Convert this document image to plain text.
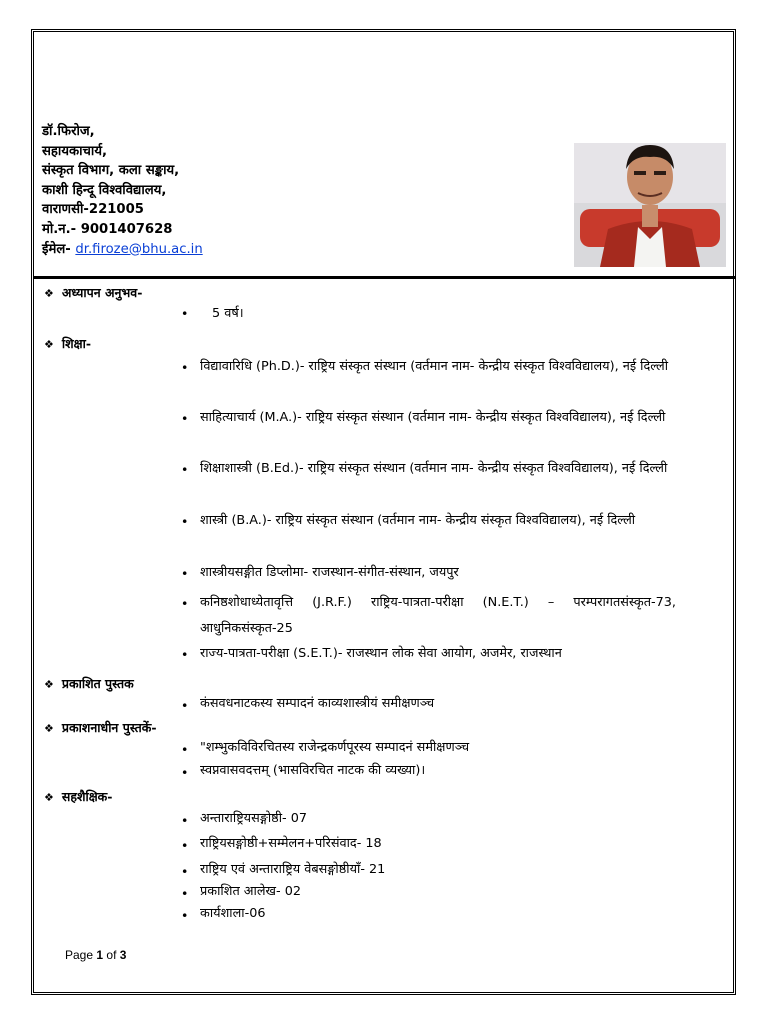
डॉ.फिरोज,
सहायकाचार्य,
संस्कृत विभाग, कला सङ्काय,
काशी हिन्दू विश्वविद्यालय,
वाराणसी-221005
मो.न.- 9001407628
ईमेल- dr.firoze@bhu.ac.in
❖ अध्यापन अनुभव-
• 5 वर्ष।
❖ शिक्षा-
• विद्यावारिधि (Ph.D.)- राष्ट्रिय संस्कृत संस्थान (वर्तमान नाम- केन्द्रीय संस्कृत विश्वविद्यालय), नई दिल्ली
• साहित्याचार्य (M.A.)- राष्ट्रिय संस्कृत संस्थान (वर्तमान नाम- केन्द्रीय संस्कृत विश्वविद्यालय), नई दिल्ली
• शिक्षाशास्त्री (B.Ed.)- राष्ट्रिय संस्कृत संस्थान (वर्तमान नाम- केन्द्रीय संस्कृत विश्वविद्यालय), नई दिल्ली
• शास्त्री (B.A.)- राष्ट्रिय संस्कृत संस्थान (वर्तमान नाम- केन्द्रीय संस्कृत विश्वविद्यालय), नई दिल्ली
• शास्त्रीयसङ्गीत डिप्लोमा- राजस्थान-संगीत-संस्थान, जयपुर
• कनिष्ठशोधाध्येतावृत्ति (J.R.F.) राष्ट्रिय-पात्रता-परीक्षा (N.E.T.) – परम्परागतसंस्कृत-73, आधुनिकसंस्कृत-25
• राज्य-पात्रता-परीक्षा (S.E.T.)- राजस्थान लोक सेवा आयोग, अजमेर, राजस्थान
❖ प्रकाशित पुस्तक
• कंसवधनाटकस्य सम्पादनं काव्यशास्त्रीयं समीक्षणञ्च
❖ प्रकाशनाधीन पुस्तकें-
• "शम्भुकविविरचितस्य राजेन्द्रकर्णपूरस्य सम्पादनं समीक्षणञ्च
• स्वप्नवासवदत्तम् (भासविरचित नाटक की व्यख्या)।
❖ सहशैक्षिक-
• अन्ताराष्ट्रियसङ्गोष्ठी- 07
• राष्ट्रियसङ्गोष्ठी+सम्मेलन+परिसंवाद- 18
• राष्ट्रिय एवं अन्ताराष्ट्रिय वेबसङ्गोष्ठीयाँ- 21
• प्रकाशित आलेख- 02
• कार्यशाला-06
Page 1 of 3
